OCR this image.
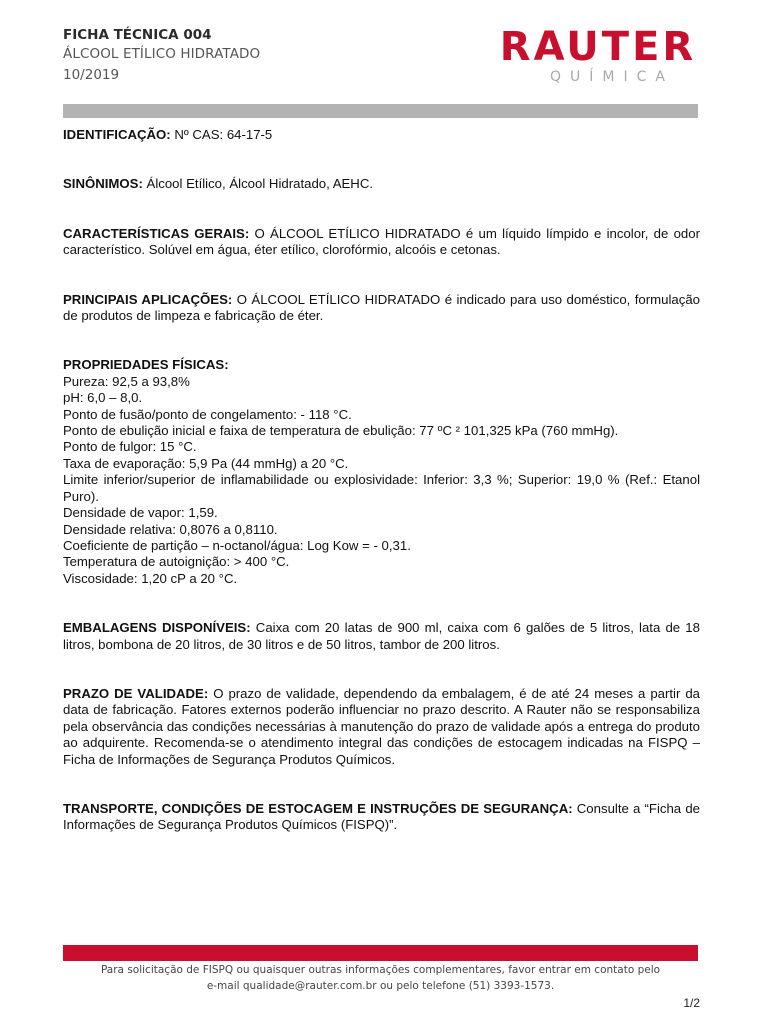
FICHA TÉCNICA 004
ÁLCOOL ETÍLICO HIDRATADO
10/2019
RAUTER
QUÍMICA

IDENTIFICAÇÃO: Nº CAS: 64-17-5

SINÔNIMOS: Álcool Etílico, Álcool Hidratado, AEHC.

CARACTERÍSTICAS GERAIS: O ÁLCOOL ETÍLICO HIDRATADO é um líquido límpido e incolor, de odor característico. Solúvel em água, éter etílico, clorofórmio, alcoóis e cetonas.

PRINCIPAIS APLICAÇÕES: O ÁLCOOL ETÍLICO HIDRATADO é indicado para uso doméstico, formulação de produtos de limpeza e fabricação de éter.

PROPRIEDADES FÍSICAS:

Pureza: 92,5 a 93,8%

pH: 6,0 – 8,0.

Ponto de fusão/ponto de congelamento: - 118 °C.

Ponto de ebulição inicial e faixa de temperatura de ebulição: 77 ºC ² 101,325 kPa (760 mmHg).

Ponto de fulgor: 15 °C.

Taxa de evaporação: 5,9 Pa (44 mmHg) a 20 °C.

Limite inferior/superior de inflamabilidade ou explosividade: Inferior: 3,3 %; Superior: 19,0 % (Ref.: Etanol Puro).

Densidade de vapor: 1,59.

Densidade relativa: 0,8076 a 0,8110.

Coeficiente de partição – n-octanol/água: Log Kow = - 0,31.

Temperatura de autoignição: > 400 °C.

Viscosidade: 1,20 cP a 20 °C.

EMBALAGENS DISPONÍVEIS: Caixa com 20 latas de 900 ml, caixa com 6 galões de 5 litros, lata de 18 litros, bombona de 20 litros, de 30 litros e de 50 litros, tambor de 200 litros.

PRAZO DE VALIDADE: O prazo de validade, dependendo da embalagem, é de até 24 meses a partir da data de fabricação. Fatores externos poderão influenciar no prazo descrito. A Rauter não se responsabiliza pela observância das condições necessárias à manutenção do prazo de validade após a entrega do produto ao adquirente. Recomenda-se o atendimento integral das condições de estocagem indicadas na FISPQ – Ficha de Informações de Segurança Produtos Químicos.

TRANSPORTE, CONDIÇÕES DE ESTOCAGEM E INSTRUÇÕES DE SEGURANÇA: Consulte a “Ficha de Informações de Segurança Produtos Químicos (FISPQ)”.

Para solicitação de FISPQ ou quaisquer outras informações complementares, favor entrar em contato pelo
e-mail qualidade@rauter.com.br ou pelo telefone (51) 3393-1573.
1/2
